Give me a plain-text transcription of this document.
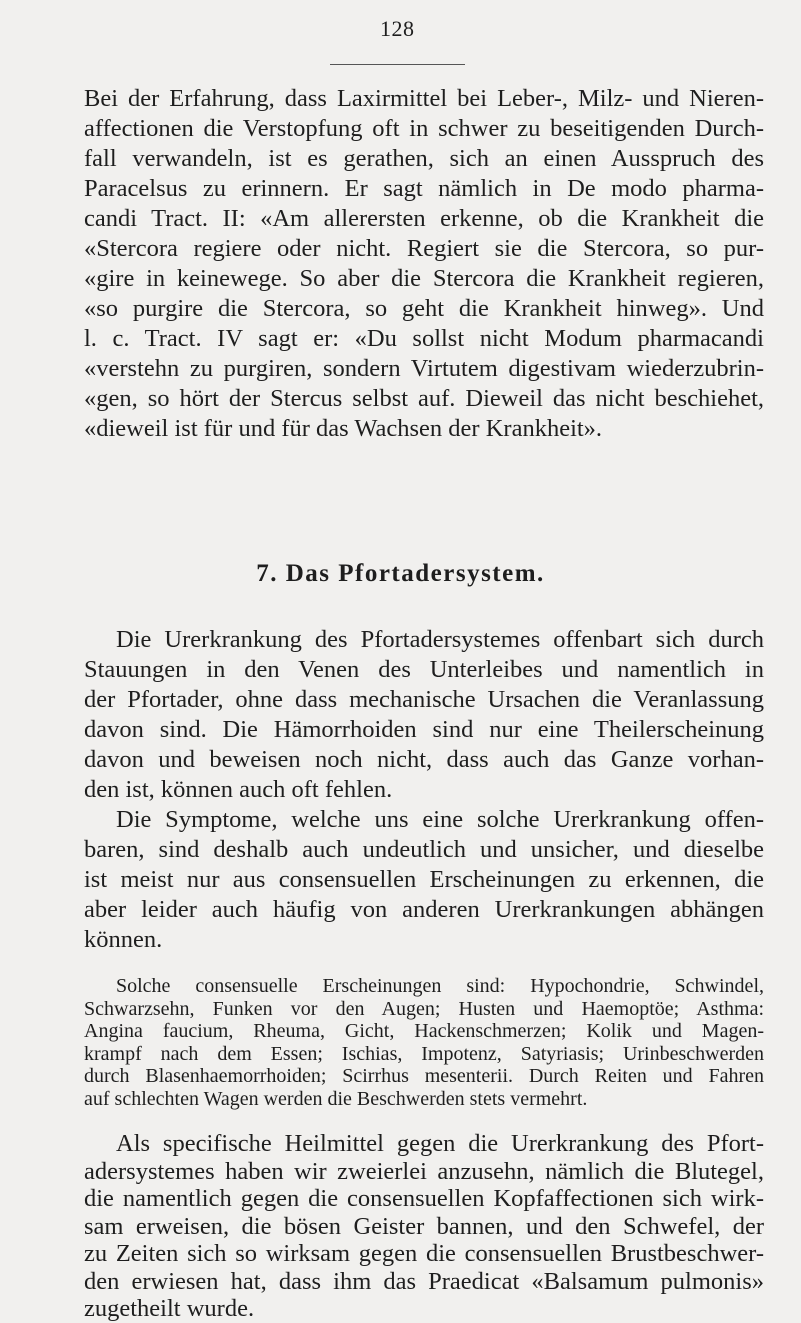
128
Bei der Erfahrung, dass Laxirmittel bei Leber-, Milz- und Nieren-
affectionen die Verstopfung oft in schwer zu beseitigenden Durch-
fall verwandeln, ist es gerathen, sich an einen Ausspruch des
Paracelsus zu erinnern. Er sagt nämlich in De modo pharma-
candi Tract. II: «Am allerersten erkenne, ob die Krankheit die
«Stercora regiere oder nicht. Regiert sie die Stercora, so pur-
«gire in keinewege. So aber die Stercora die Krankheit regieren,
«so purgire die Stercora, so geht die Krankheit hinweg». Und
l. c. Tract. IV sagt er: «Du sollst nicht Modum pharmacandi
«verstehn zu purgiren, sondern Virtutem digestivam wiederzubrin-
«gen, so hört der Stercus selbst auf. Dieweil das nicht beschiehet,
«dieweil ist für und für das Wachsen der Krankheit».
7. Das Pfortadersystem.
Die Urerkrankung des Pfortadersystemes offenbart sich durch
Stauungen in den Venen des Unterleibes und namentlich in
der Pfortader, ohne dass mechanische Ursachen die Veranlassung
davon sind. Die Hämorrhoiden sind nur eine Theilerscheinung
davon und beweisen noch nicht, dass auch das Ganze vorhan-
den ist, können auch oft fehlen.
Die Symptome, welche uns eine solche Urerkrankung offen-
baren, sind deshalb auch undeutlich und unsicher, und dieselbe
ist meist nur aus consensuellen Erscheinungen zu erkennen, die
aber leider auch häufig von anderen Urerkrankungen abhängen
können.
Solche consensuelle Erscheinungen sind: Hypochondrie, Schwindel,
Schwarzsehn, Funken vor den Augen; Husten und Haemoptöe; Asthma:
Angina faucium, Rheuma, Gicht, Hackenschmerzen; Kolik und Magen-
krampf nach dem Essen; Ischias, Impotenz, Satyriasis; Urinbeschwerden
durch Blasenhaemorrhoiden; Scirrhus mesenterii. Durch Reiten und Fahren
auf schlechten Wagen werden die Beschwerden stets vermehrt.
Als specifische Heilmittel gegen die Urerkrankung des Pfort-
adersystemes haben wir zweierlei anzusehn, nämlich die Blutegel,
die namentlich gegen die consensuellen Kopfaffectionen sich wirk-
sam erweisen, die bösen Geister bannen, und den Schwefel, der
zu Zeiten sich so wirksam gegen die consensuellen Brustbeschwer-
den erwiesen hat, dass ihm das Praedicat «Balsamum pulmonis»
zugetheilt wurde.
